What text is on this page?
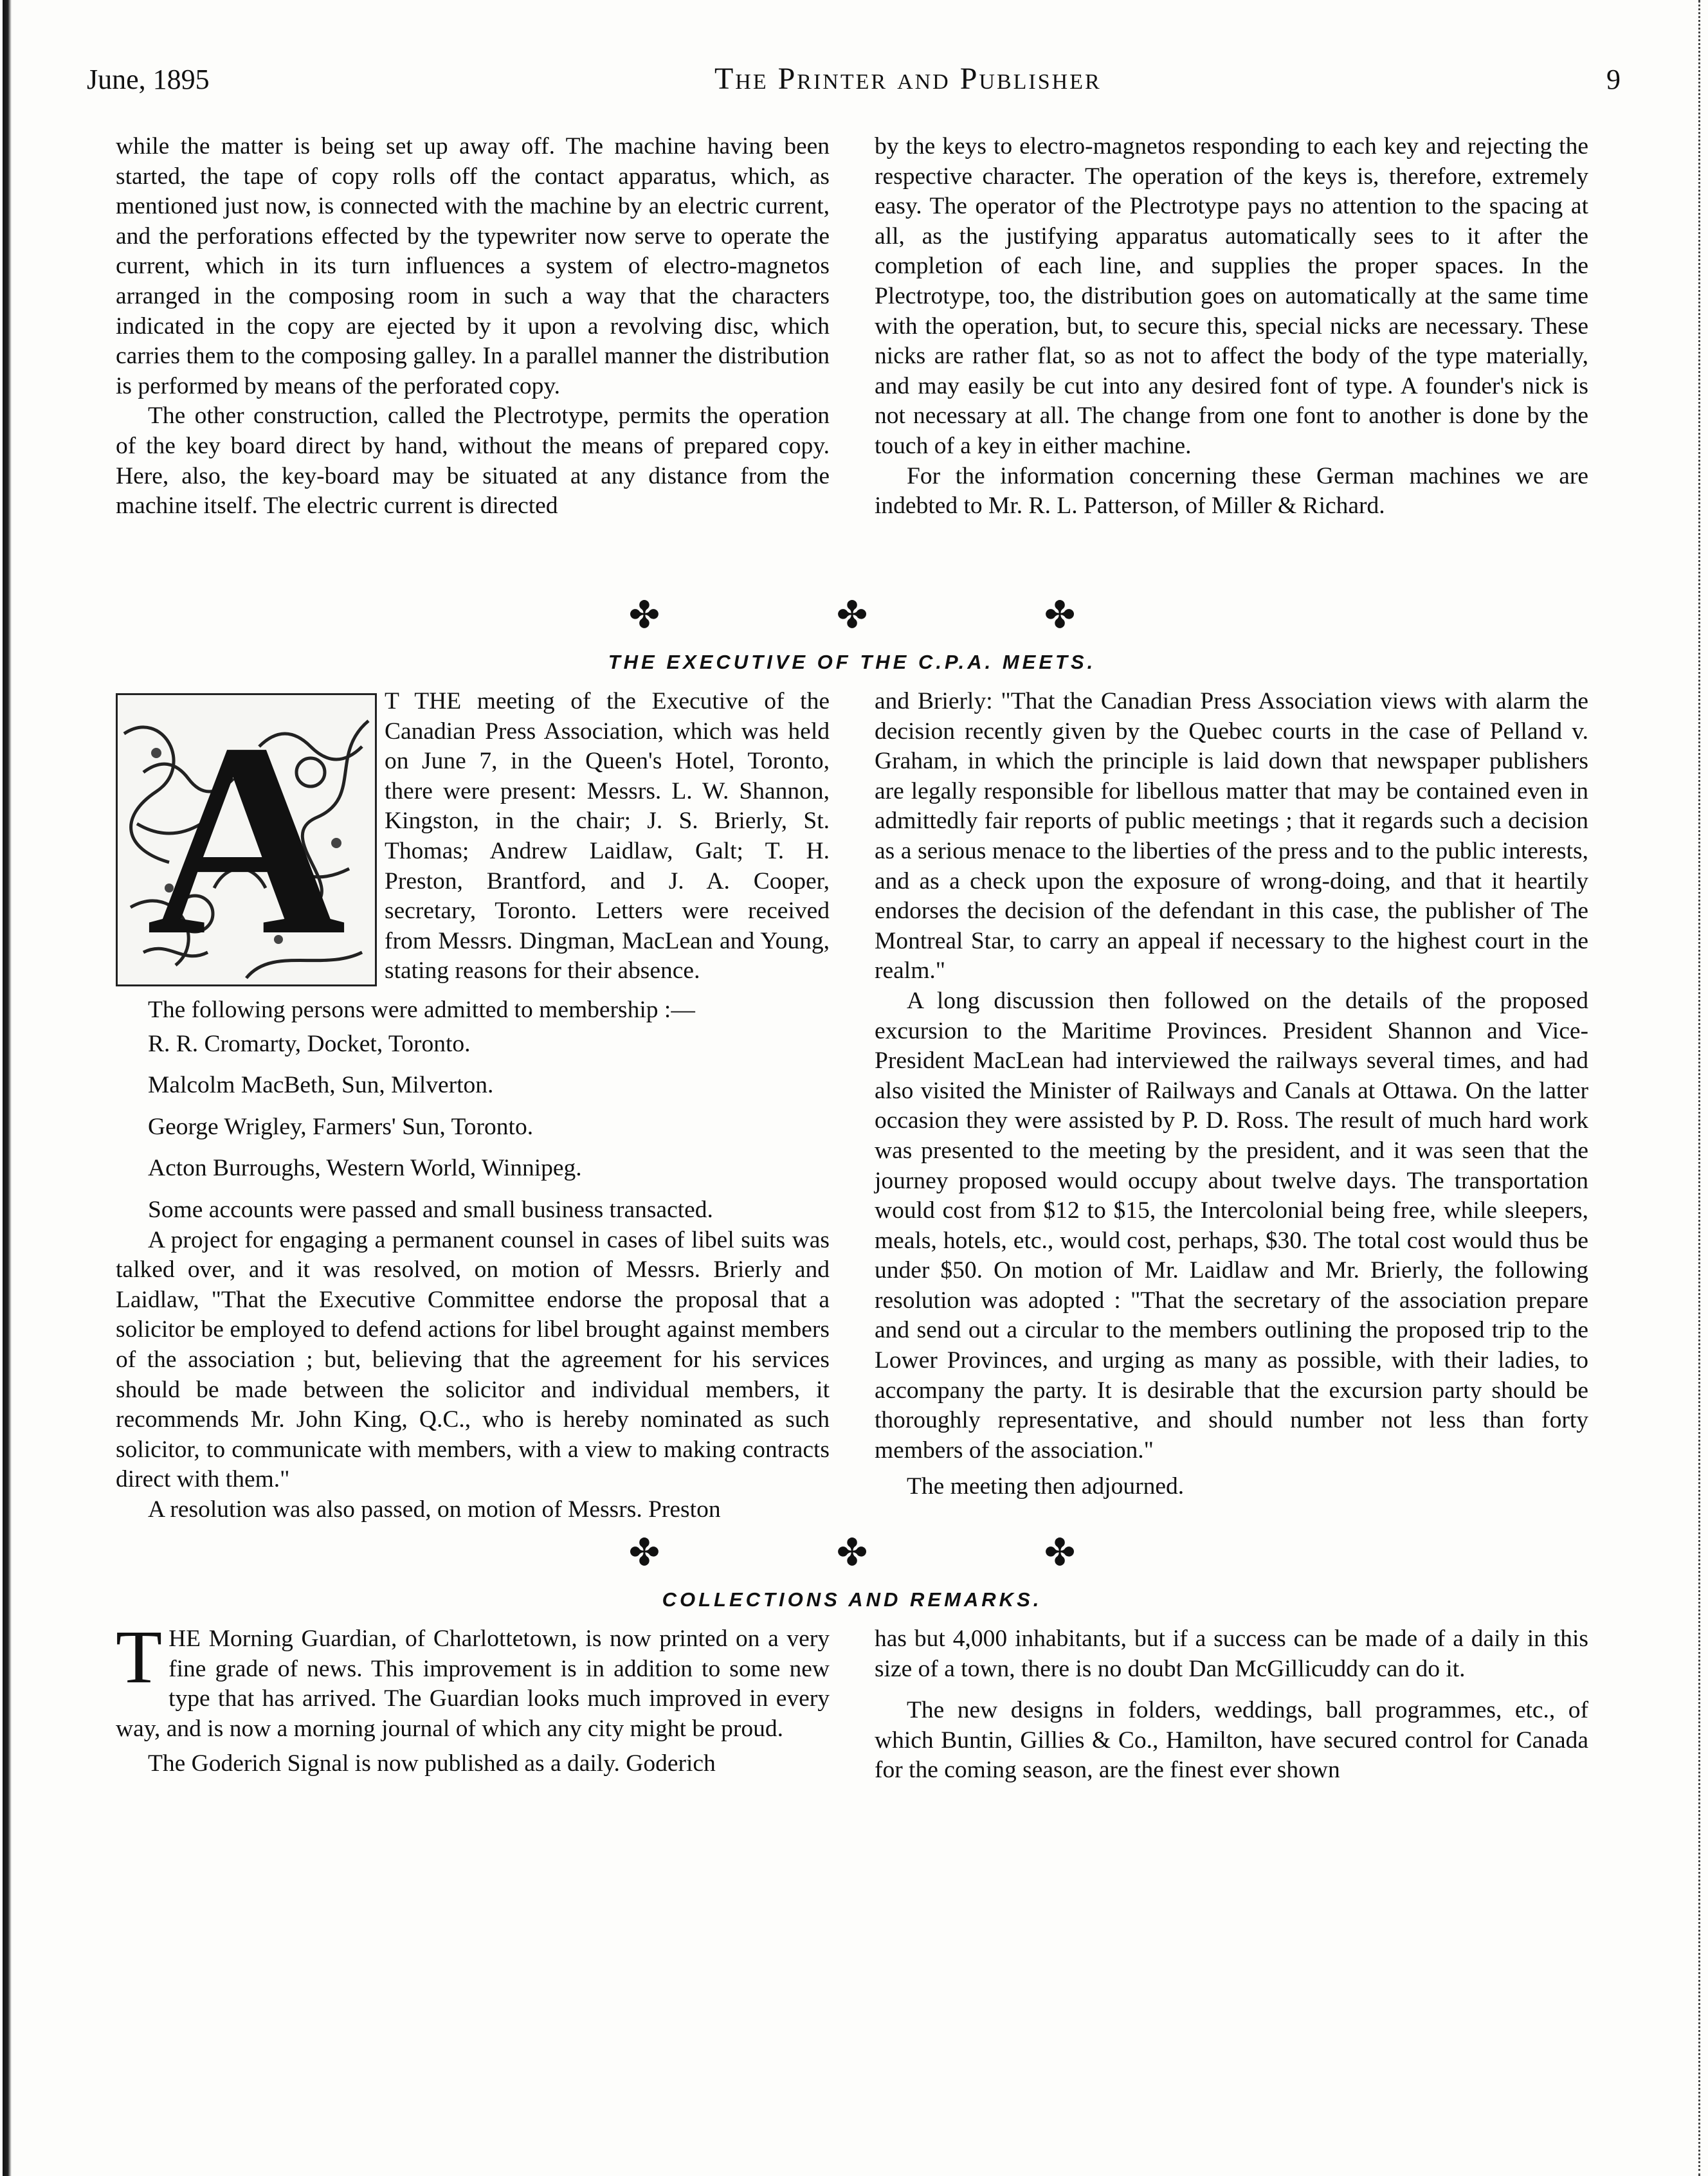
June, 1895	The Printer and Publisher	9

while the matter is being set up away off. The machine having been started, the tape of copy rolls off the contact apparatus, which, as mentioned just now, is connected with the machine by an electric current, and the perforations effected by the typewriter now serve to operate the current, which in its turn influences a system of electro-magnetos arranged in the composing room in such a way that the characters indicated in the copy are ejected by it upon a revolving disc, which carries them to the composing galley. In a parallel manner the distribution is performed by means of the perforated copy.

The other construction, called the Plectrotype, permits the operation of the key board direct by hand, without the means of prepared copy. Here, also, the key-board may be situated at any distance from the machine itself. The electric current is directed

by the keys to electro-magnetos responding to each key and rejecting the respective character. The operation of the keys is, therefore, extremely easy. The operator of the Plectrotype pays no attention to the spacing at all, as the justifying apparatus automatically sees to it after the completion of each line, and supplies the proper spaces. In the Plectrotype, too, the distribution goes on automatically at the same time with the operation, but, to secure this, special nicks are necessary. These nicks are rather flat, so as not to affect the body of the type materially, and may easily be cut into any desired font of type. A founder's nick is not necessary at all. The change from one font to another is done by the touch of a key in either machine.

For the information concerning these German machines we are indebted to Mr. R. L. Patterson, of Miller & Richard.

✤ ✤ ✤
THE EXECUTIVE OF THE C.P.A. MEETS.
A	T THE meeting of the Executive of the Canadian Press Association, which was held on June 7, in the Queen's Hotel, Toronto, there were present: Messrs. L. W. Shannon, Kingston, in the chair; J. S. Brierly, St. Thomas; Andrew Laidlaw, Galt; T. H. Preston, Brantford, and J. A. Cooper, secretary, Toronto. Letters were received from Messrs. Dingman, MacLean and Young, stating reasons for their absence.

The following persons were admitted to membership :—

R. R. Cromarty, Docket, Toronto.

Malcolm MacBeth, Sun, Milverton.

George Wrigley, Farmers' Sun, Toronto.

Acton Burroughs, Western World, Winnipeg.

Some accounts were passed and small business transacted.

A project for engaging a permanent counsel in cases of libel suits was talked over, and it was resolved, on motion of Messrs. Brierly and Laidlaw, "That the Executive Committee endorse the proposal that a solicitor be employed to defend actions for libel brought against members of the association ; but, believing that the agreement for his services should be made between the solicitor and individual members, it recommends Mr. John King, Q.C., who is hereby nominated as such solicitor, to communicate with members, with a view to making contracts direct with them."

A resolution was also passed, on motion of Messrs. Preston

and Brierly: "That the Canadian Press Association views with alarm the decision recently given by the Quebec courts in the case of Pelland v. Graham, in which the principle is laid down that newspaper publishers are legally responsible for libellous matter that may be contained even in admittedly fair reports of public meetings ; that it regards such a decision as a serious menace to the liberties of the press and to the public interests, and as a check upon the exposure of wrong-doing, and that it heartily endorses the decision of the defendant in this case, the publisher of The Montreal Star, to carry an appeal if necessary to the highest court in the realm."

A long discussion then followed on the details of the proposed excursion to the Maritime Provinces. President Shannon and Vice-President MacLean had interviewed the railways several times, and had also visited the Minister of Railways and Canals at Ottawa. On the latter occasion they were assisted by P. D. Ross. The result of much hard work was presented to the meeting by the president, and it was seen that the journey proposed would occupy about twelve days. The transportation would cost from $12 to $15, the Intercolonial being free, while sleepers, meals, hotels, etc., would cost, perhaps, $30. The total cost would thus be under $50. On motion of Mr. Laidlaw and Mr. Brierly, the following resolution was adopted : "That the secretary of the association prepare and send out a circular to the members outlining the proposed trip to the Lower Provinces, and urging as many as possible, with their ladies, to accompany the party. It is desirable that the excursion party should be thoroughly representative, and should number not less than forty members of the association."

The meeting then adjourned.

✤ ✤ ✤
COLLECTIONS AND REMARKS.

THE Morning Guardian, of Charlottetown, is now printed on a very fine grade of news. This improvement is in addition to some new type that has arrived. The Guardian looks much improved in every way, and is now a morning journal of which any city might be proud.

The Goderich Signal is now published as a daily. Goderich

has but 4,000 inhabitants, but if a success can be made of a daily in this size of a town, there is no doubt Dan McGillicuddy can do it.

The new designs in folders, weddings, ball programmes, etc., of which Buntin, Gillies & Co., Hamilton, have secured control for Canada for the coming season, are the finest ever shown
